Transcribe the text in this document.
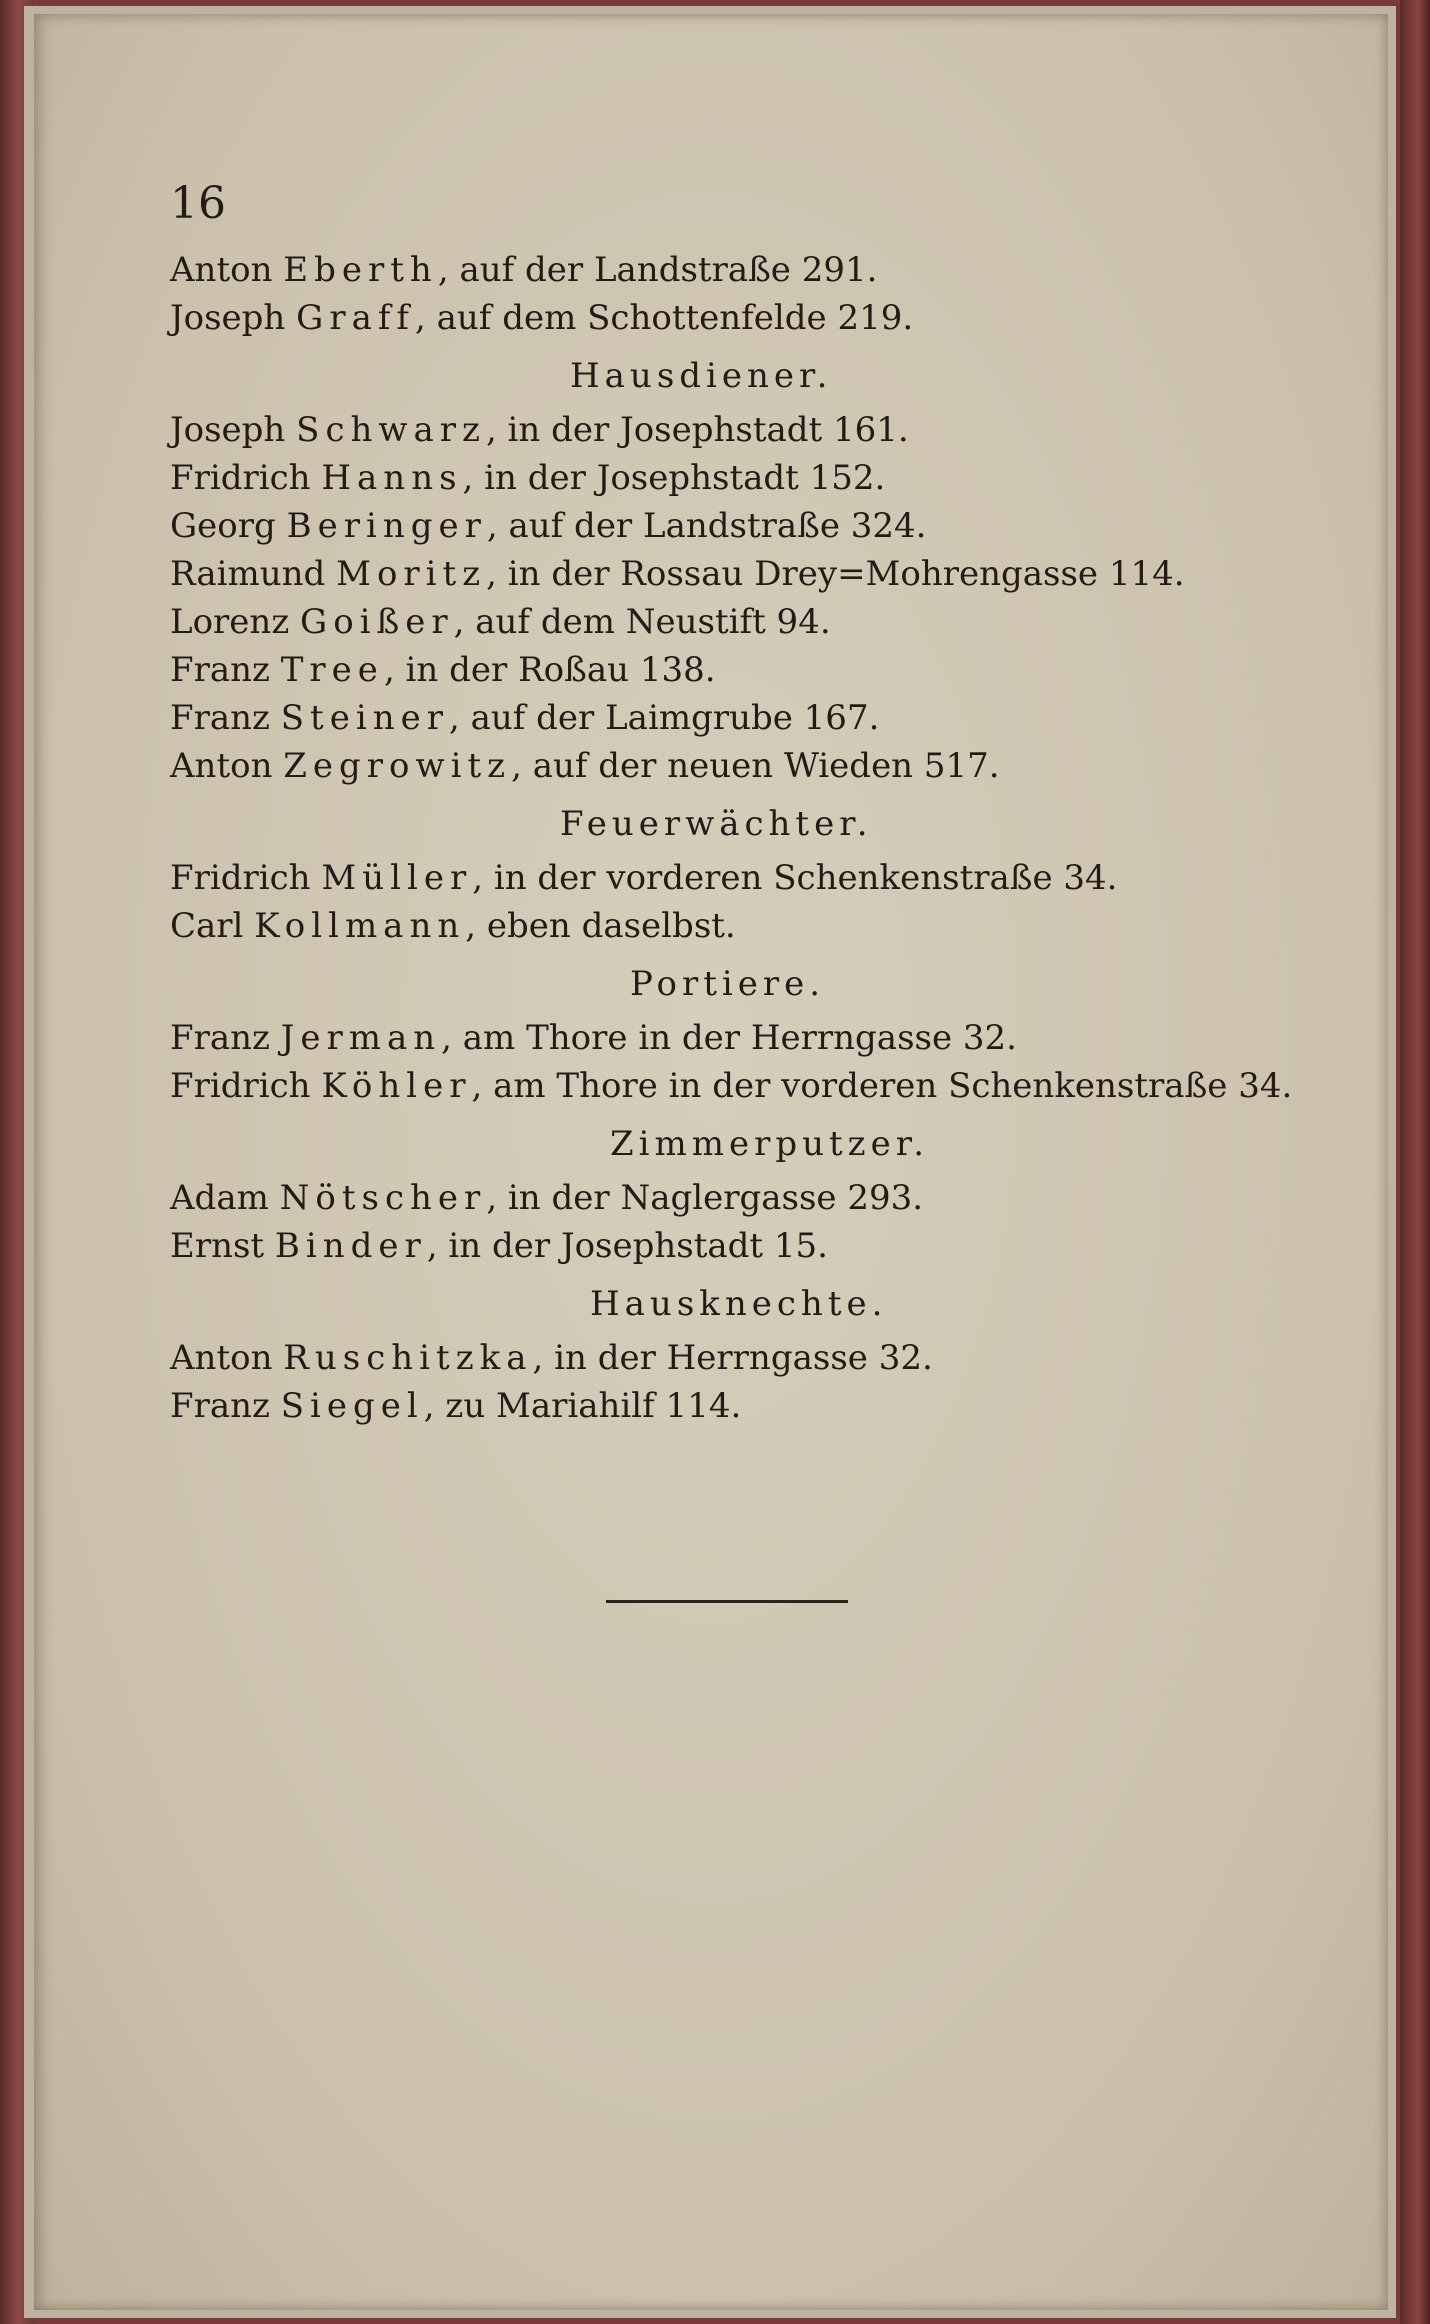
16
Anton Eberth, auf der Landstraße 291.
Joseph Graff, auf dem Schottenfelde 219.
Hausdiener.
Joseph Schwarz, in der Josephstadt 161.
Fridrich Hanns, in der Josephstadt 152.
Georg Beringer, auf der Landstraße 324.
Raimund Moritz, in der Rossau Drey=Mohrengasse 114.
Lorenz Goißer, auf dem Neustift 94.
Franz Tree, in der Roßau 138.
Franz Steiner, auf der Laimgrube 167.
Anton Zegrowitz, auf der neuen Wieden 517.
Feuerwächter.
Fridrich Müller, in der vorderen Schenkenstraße 34.
Carl Kollmann, eben daselbst.
Portiere.
Franz Jerman, am Thore in der Herrngasse 32.
Fridrich Köhler, am Thore in der vorderen Schenkenstraße 34.
Zimmerputzer.
Adam Nötscher, in der Naglergasse 293.
Ernst Binder, in der Josephstadt 15.
Hausknechte.
Anton Ruschitzka, in der Herrngasse 32.
Franz Siegel, zu Mariahilf 114.
